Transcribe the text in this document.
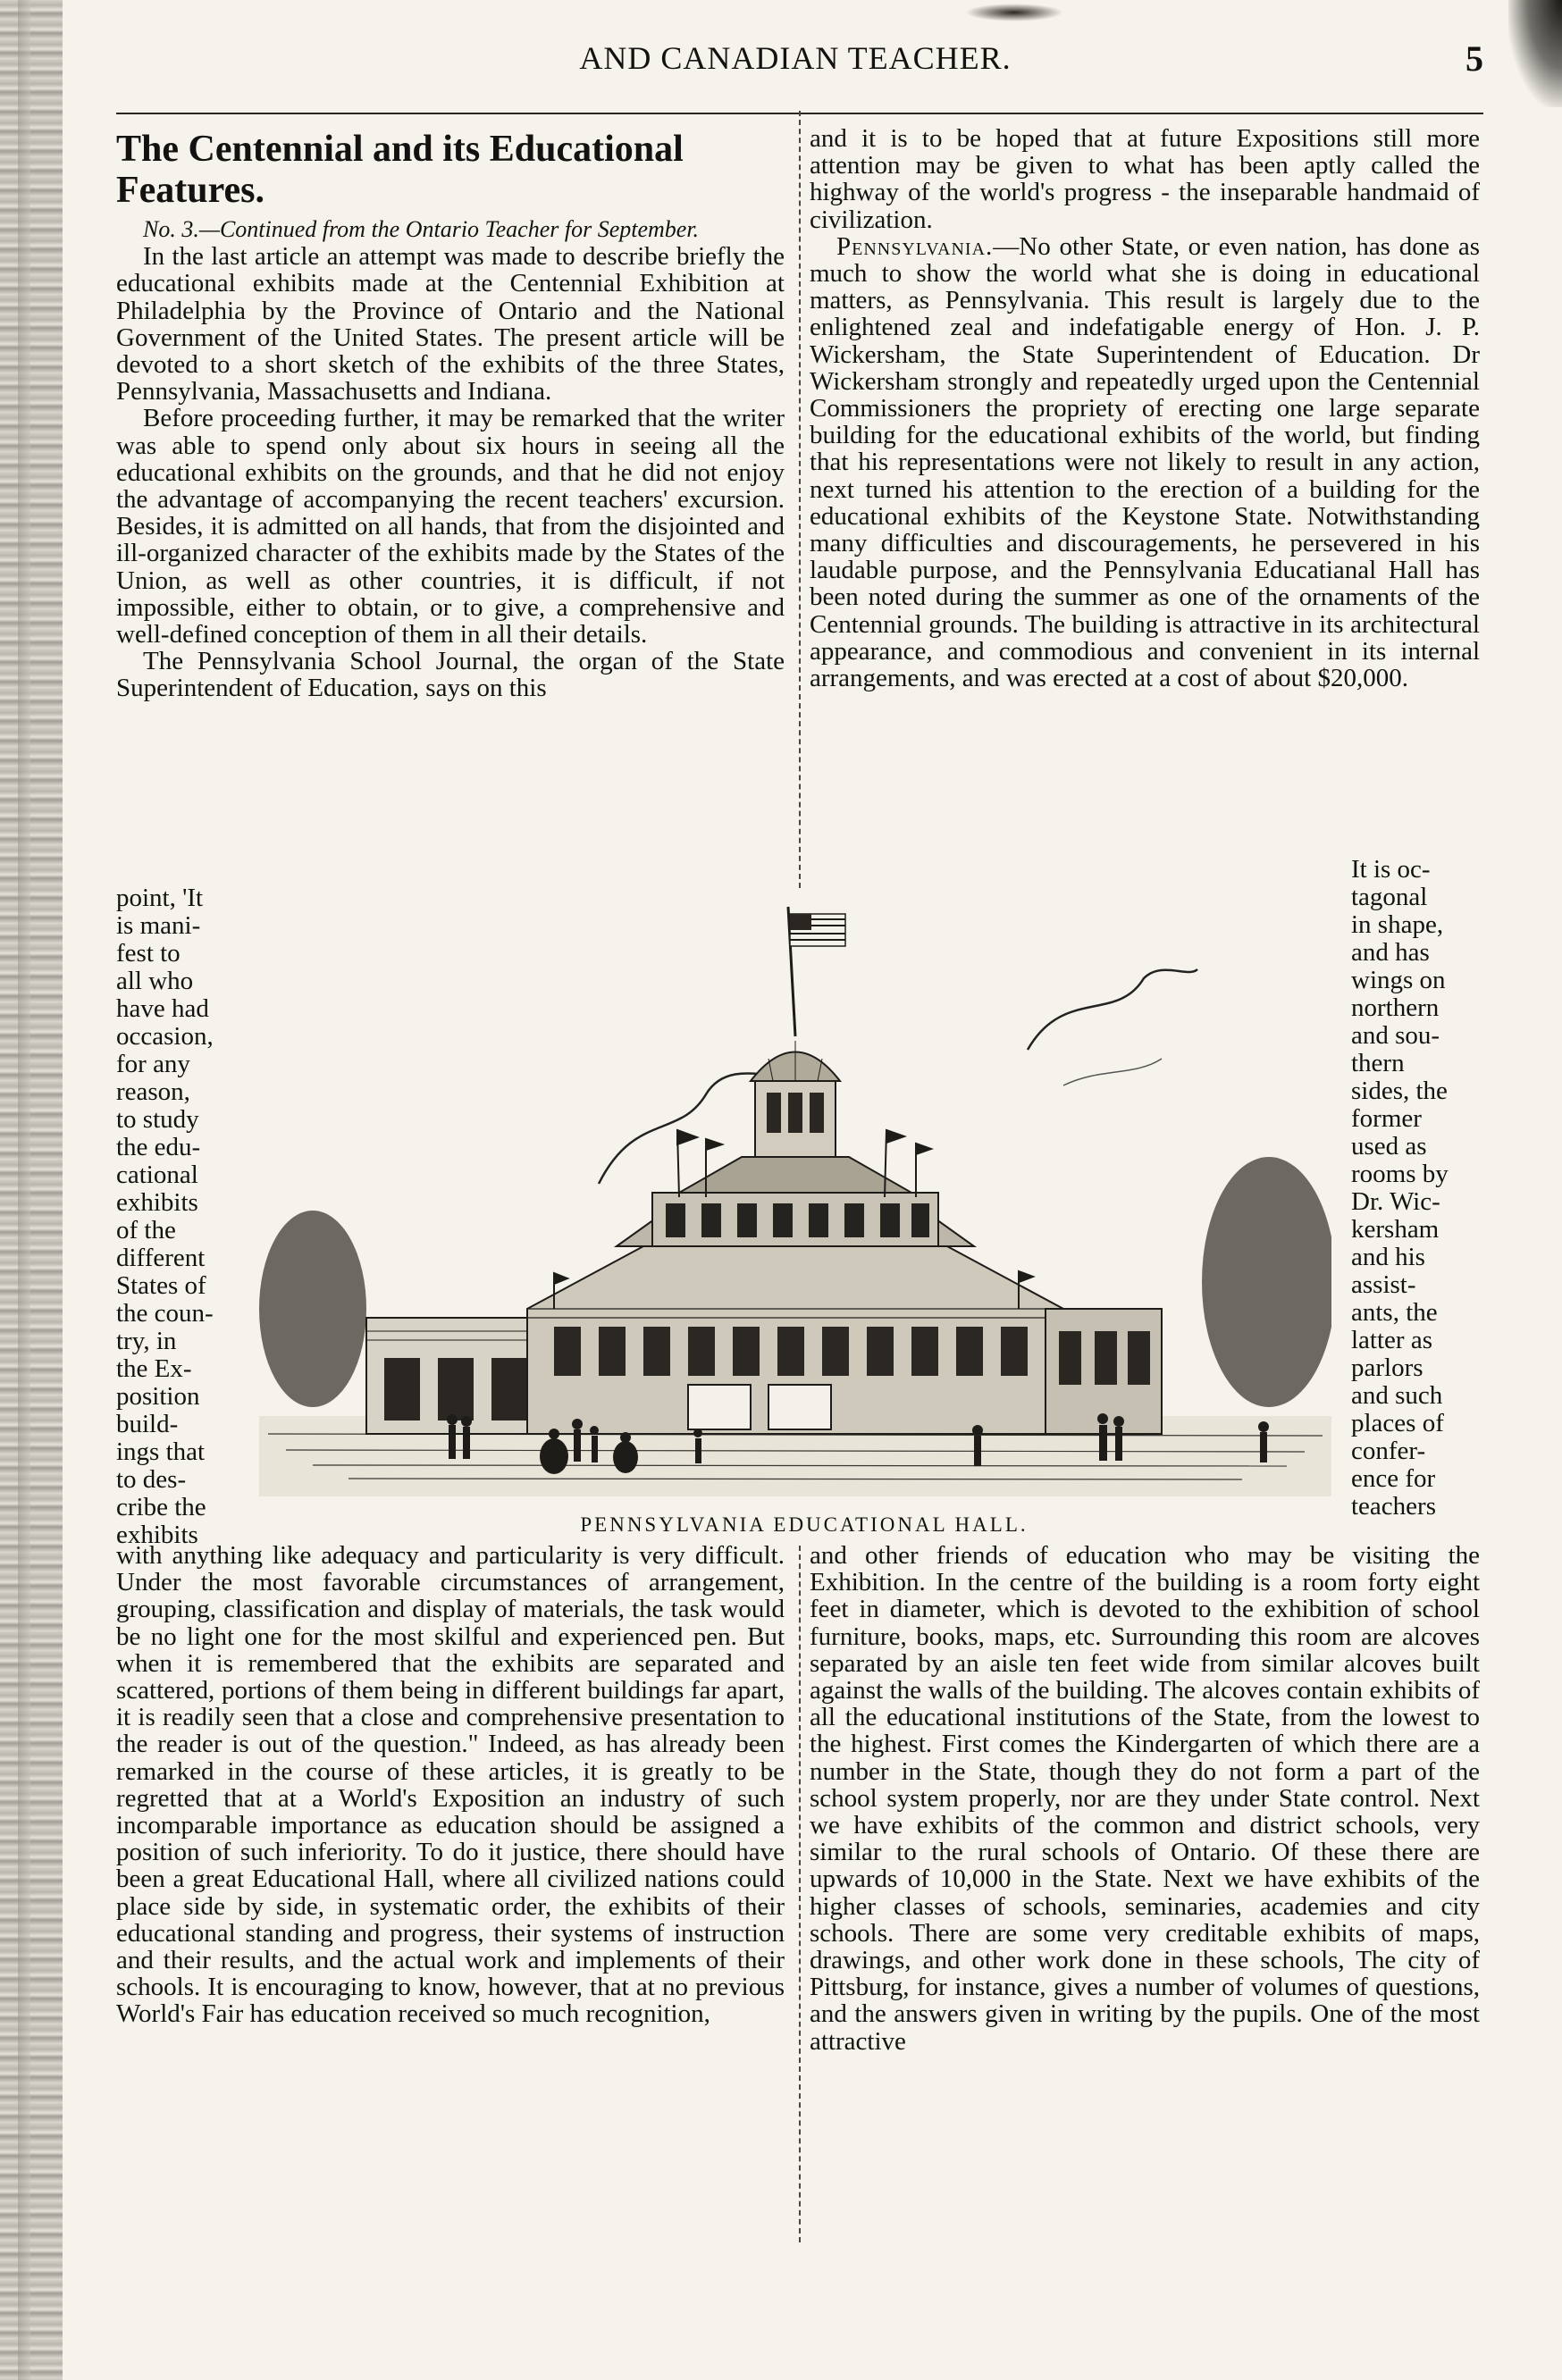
AND CANADIAN TEACHER.	5
The Centennial and its Educational
Features.

No. 3.—Continued from the Ontario Teacher for September.

In the last article an attempt was made to describe briefly the educational exhibits made at the Centennial Exhibition at Philadelphia by the Province of Ontario and the National Government of the United States. The present article will be devoted to a short sketch of the exhibits of the three States, Pennsylvania, Massachusetts and Indiana.

Before proceeding further, it may be remarked that the writer was able to spend only about six hours in seeing all the educational exhibits on the grounds, and that he did not enjoy the advantage of accompanying the recent teachers' excursion. Besides, it is admitted on all hands, that from the disjointed and ill-organized character of the exhibits made by the States of the Union, as well as other countries, it is difficult, if not impossible, either to obtain, or to give, a comprehensive and well-defined conception of them in all their details.

The Pennsylvania School Journal, the organ of the State Superintendent of Education, says on this

and it is to be hoped that at future Expositions still more attention may be given to what has been aptly called the highway of the world's progress - the inseparable handmaid of civilization.

Pennsylvania.—No other State, or even nation, has done as much to show the world what she is doing in educational matters, as Pennsylvania. This result is largely due to the enlightened zeal and indefatigable energy of Hon. J. P. Wickersham, the State Superintendent of Education. Dr Wickersham strongly and repeatedly urged upon the Centennial Commissioners the propriety of erecting one large separate building for the educational exhibits of the world, but finding that his representations were not likely to result in any action, next turned his attention to the erection of a building for the educational exhibits of the Keystone State. Notwithstanding many difficulties and discouragements, he persevered in his laudable purpose, and the Pennsylvania Educatianal Hall has been noted during the summer as one of the ornaments of the Centennial grounds. The building is attractive in its architectural appearance, and commodious and convenient in its internal arrangements, and was erected at a cost of about $20,000.

point, 'It
is mani-
fest to
all who
have had
occasion,
for any
reason,
to study
the edu-
cational
exhibits
of the
different
States of
the coun-
try, in
the Ex-
position
build-
ings that
to des-
cribe the
exhibits	PENNSYLVANIA EDUCATIONAL HALL.
It is oc-
tagonal
in shape,
and has
wings on
northern
and sou-
thern
sides, the
former
used as
rooms by
Dr. Wic-
kersham
and his
assist-
ants, the
latter as
parlors
and such
places of
confer-
ence for
teachers

with anything like adequacy and particularity is very difficult. Under the most favorable circumstances of arrangement, grouping, classification and display of materials, the task would be no light one for the most skilful and experienced pen. But when it is remembered that the exhibits are separated and scattered, portions of them being in different buildings far apart, it is readily seen that a close and comprehensive presentation to the reader is out of the question." Indeed, as has already been remarked in the course of these articles, it is greatly to be regretted that at a World's Exposition an industry of such incomparable importance as education should be assigned a position of such inferiority. To do it justice, there should have been a great Educational Hall, where all civilized nations could place side by side, in systematic order, the exhibits of their educational standing and progress, their systems of instruction and their results, and the actual work and implements of their schools. It is encouraging to know, however, that at no previous World's Fair has education received so much recognition,

and other friends of education who may be visiting the Exhibition. In the centre of the building is a room forty eight feet in diameter, which is devoted to the exhibition of school furniture, books, maps, etc. Surrounding this room are alcoves separated by an aisle ten feet wide from similar alcoves built against the walls of the building. The alcoves contain exhibits of all the educational institutions of the State, from the lowest to the highest. First comes the Kindergarten of which there are a number in the State, though they do not form a part of the school system properly, nor are they under State control. Next we have exhibits of the common and district schools, very similar to the rural schools of Ontario. Of these there are upwards of 10,000 in the State. Next we have exhibits of the higher classes of schools, seminaries, academies and city schools. There are some very creditable exhibits of maps, drawings, and other work done in these schools, The city of Pittsburg, for instance, gives a number of volumes of questions, and the answers given in writing by the pupils. One of the most attractive
